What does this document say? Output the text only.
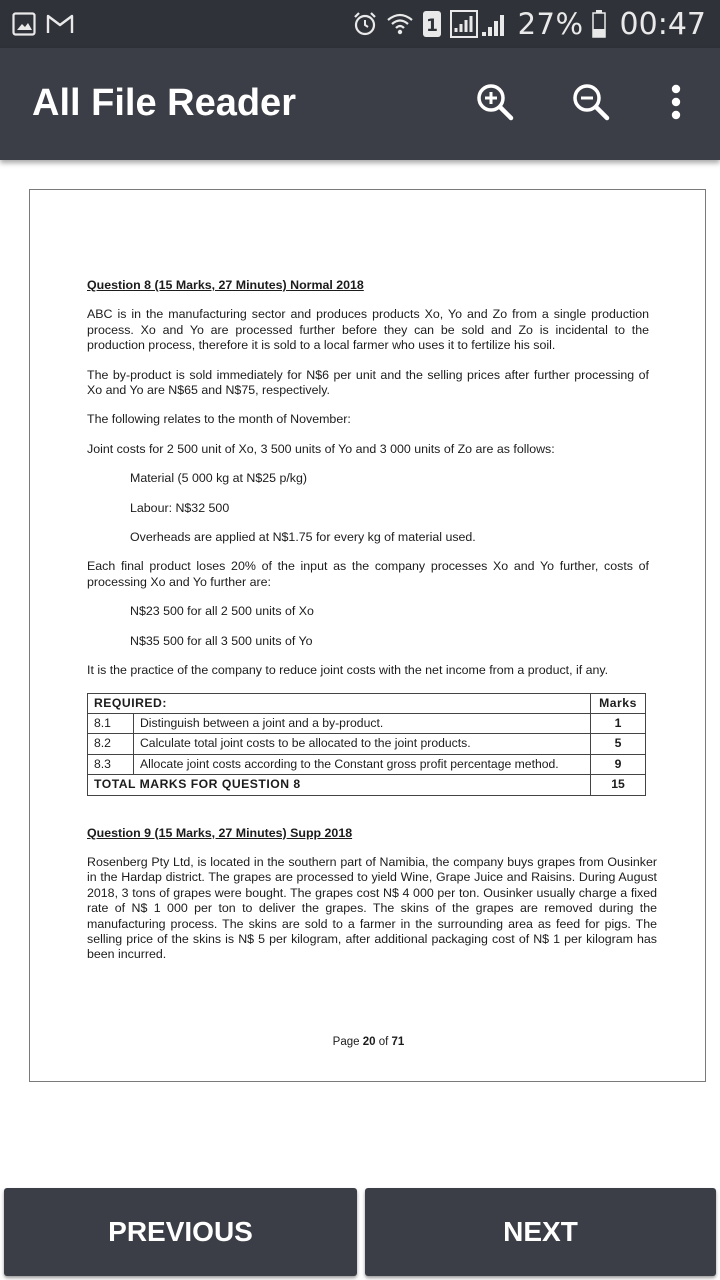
1	27% 00:47
All File Reader
Question 8 (15 Marks, 27 Minutes) Normal 2018
ABC is in the manufacturing sector and produces products Xo, Yo and Zo from a single production process. Xo and Yo are processed further before they can be sold and Zo is incidental to the production process, therefore it is sold to a local farmer who uses it to fertilize his soil.
The by-product is sold immediately for N$6 per unit and the selling prices after further processing of Xo and Yo are N$65 and N$75, respectively.
The following relates to the month of November:
Joint costs for 2 500 unit of Xo, 3 500 units of Yo and 3 000 units of Zo are as follows:
Material (5 000 kg at N$25 p/kg)
Labour: N$32 500
Overheads are applied at N$1.75 for every kg of material used.
Each final product loses 20% of the input as the company processes Xo and Yo further, costs of processing Xo and Yo further are:
N$23 500 for all 2 500 units of Xo
N$35 500 for all 3 500 units of Yo
It is the practice of the company to reduce joint costs with the net income from a product, if any.
REQUIRED:		Marks
8.1	Distinguish between a joint and a by-product.	1
8.2	Calculate total joint costs to be allocated to the joint products.	5
8.3	Allocate joint costs according to the Constant gross profit percentage method.	9
TOTAL MARKS FOR QUESTION 8		15
Question 9 (15 Marks, 27 Minutes) Supp 2018
Rosenberg Pty Ltd, is located in the southern part of Namibia, the company buys grapes from Ousinker in the Hardap district. The grapes are processed to yield Wine, Grape Juice and Raisins. During August 2018, 3 tons of grapes were bought. The grapes cost N$ 4 000 per ton. Ousinker usually charge a fixed rate of N$ 1 000 per ton to deliver the grapes. The skins of the grapes are removed during the manufacturing process. The skins are sold to a farmer in the surrounding area as feed for pigs. The selling price of the skins is N$ 5 per kilogram, after additional packaging cost of N$ 1 per kilogram has been incurred.
Page 20 of 71
PREVIOUS	NEXT
